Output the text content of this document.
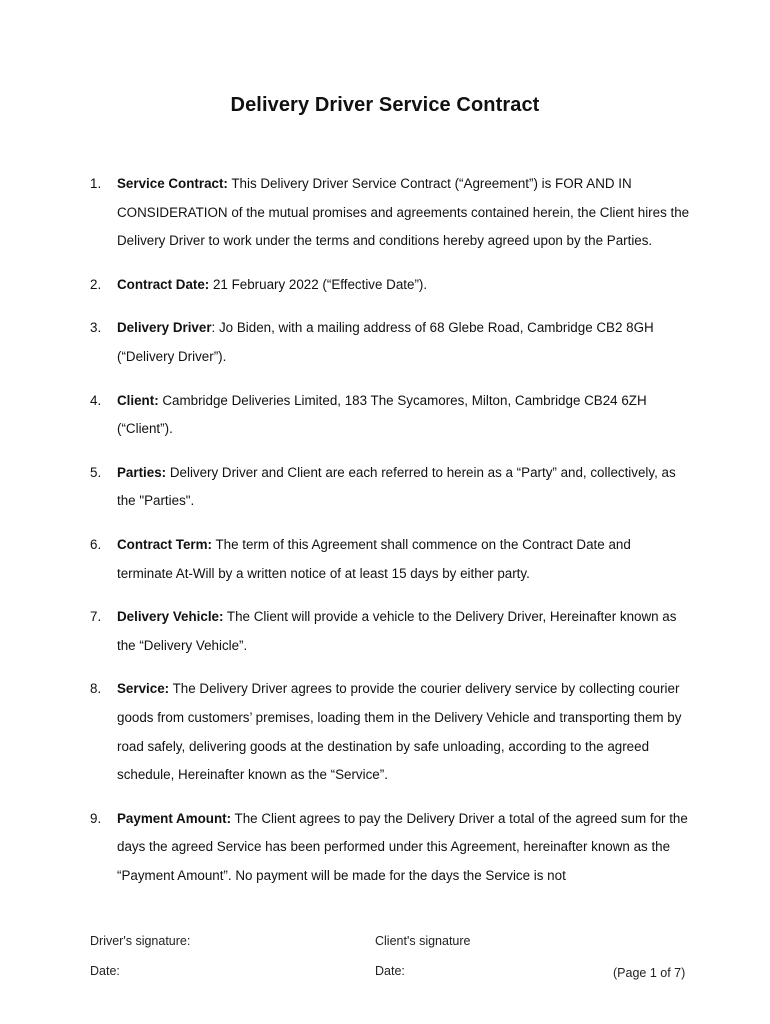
Delivery Driver Service Contract
1.	Service Contract: This Delivery Driver Service Contract (“Agreement”) is FOR AND IN CONSIDERATION of the mutual promises and agreements contained herein, the Client hires the Delivery Driver to work under the terms and conditions hereby agreed upon by the Parties.
2.	Contract Date: 21 February 2022 (“Effective Date”).
3.	Delivery Driver: Jo Biden, with a mailing address of 68 Glebe Road, Cambridge CB2 8GH (“Delivery Driver”).
4.	Client: Cambridge Deliveries Limited, 183 The Sycamores, Milton, Cambridge CB24 6ZH (“Client”).
5.	Parties: Delivery Driver and Client are each referred to herein as a “Party” and, collectively, as the "Parties".
6.	Contract Term: The term of this Agreement shall commence on the Contract Date and terminate At-Will by a written notice of at least 15 days by either party.
7.	Delivery Vehicle: The Client will provide a vehicle to the Delivery Driver, Hereinafter known as the “Delivery Vehicle”.
8.	Service: The Delivery Driver agrees to provide the courier delivery service by collecting courier goods from customers’ premises, loading them in the Delivery Vehicle and transporting them by road safely, delivering goods at the destination by safe unloading, according to the agreed schedule, Hereinafter known as the “Service”.
9.	Payment Amount: The Client agrees to pay the Delivery Driver a total of the agreed sum for the days the agreed Service has been performed under this Agreement, hereinafter known as the “Payment Amount”. No payment will be made for the days the Service is not
Driver's signature:	Client's signature
Date:	Date:	(Page 1 of 7)
